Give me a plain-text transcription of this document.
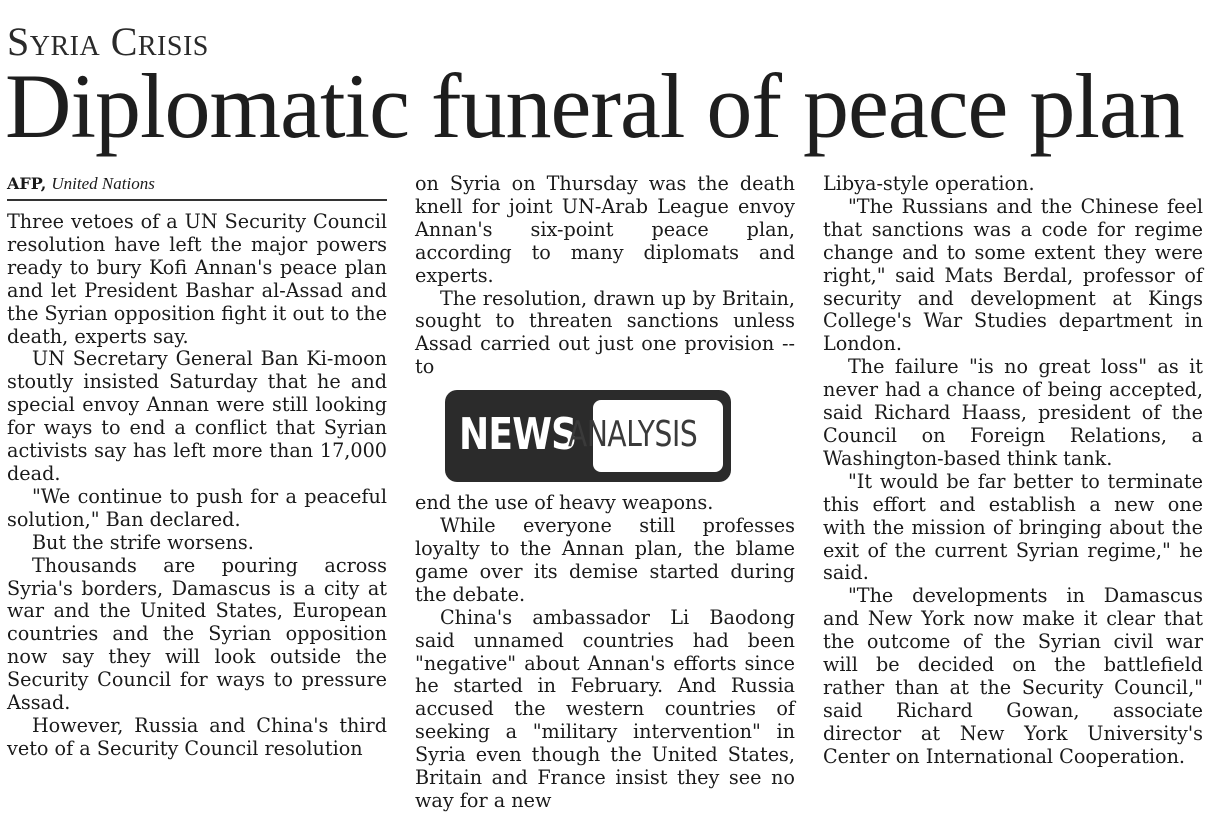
Syria Crisis
Diplomatic funeral of peace plan
AFP, United Nations

Three vetoes of a UN Security Council resolution have left the major powers ready to bury Kofi Annan's peace plan and let President Bashar al-Assad and the Syrian opposition fight it out to the death, experts say.

UN Secretary General Ban Ki-moon stoutly insisted Saturday that he and special envoy Annan were still looking for ways to end a conflict that Syrian activists say has left more than 17,000 dead.

"We continue to push for a peaceful solution," Ban declared.

But the strife worsens.

Thousands are pouring across Syria's borders, Damascus is a city at war and the United States, European countries and the Syrian opposition now say they will look outside the Security Council for ways to pressure Assad.

However, Russia and China's third veto of a Security Council resolution

on Syria on Thursday was the death knell for joint UN-Arab League envoy Annan's six-point peace plan, according to many diplomats and experts.

The resolution, drawn up by Britain, sought to threaten sanctions unless Assad carried out just one provision -- to

NEWS
ANALYSIS

end the use of heavy weapons.

While everyone still professes loyalty to the Annan plan, the blame game over its demise started during the debate.

China's ambassador Li Baodong said unnamed countries had been "negative" about Annan's efforts since he started in February. And Russia accused the western countries of seeking a "military intervention" in Syria even though the United States, Britain and France insist they see no way for a new

Libya-style operation.

"The Russians and the Chinese feel that sanctions was a code for regime change and to some extent they were right," said Mats Berdal, professor of security and development at Kings College's War Studies department in London.

The failure "is no great loss" as it never had a chance of being accepted, said Richard Haass, president of the Council on Foreign Relations, a Washington-based think tank.

"It would be far better to terminate this effort and establish a new one with the mission of bringing about the exit of the current Syrian regime," he said.

"The developments in Damascus and New York now make it clear that the outcome of the Syrian civil war will be decided on the battlefield rather than at the Security Council," said Richard Gowan, associate director at New York University's Center on International Cooperation.
